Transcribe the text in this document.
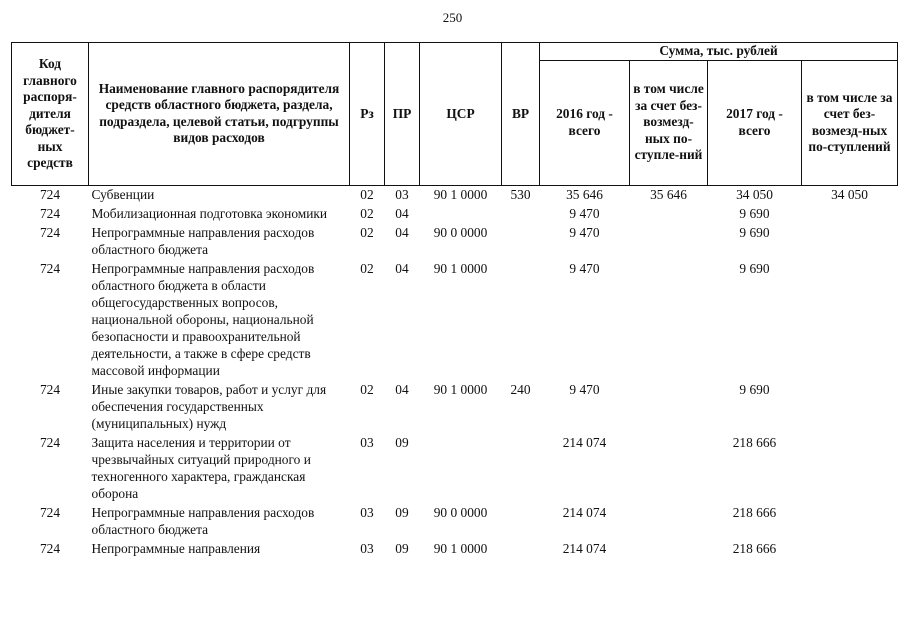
250
Код главного распоря-дителя бюджет-ных средств	Наименование главного распорядителя средств областного бюджета, раздела, подраздела, целевой статьи, подгруппы видов расходов	Рз	ПР	ЦСР	ВР	Сумма, тыс. рублей			
						2016 год - всего	в том числе за счет без-возмезд-ных по-ступле-ний	2017 год - всего	в том числе за счет без-возмезд-ных по-ступлений
724	Субвенции	02	03	90 1 0000	530	35 646	35 646	34 050	34 050
724	Мобилизационная подготовка экономики	02	04			9 470		9 690	
724	Непрограммные направления расходов областного бюджета	02	04	90 0 0000		9 470		9 690	
724	Непрограммные направления расходов областного бюджета в области общегосударственных вопросов, национальной обороны, национальной безопасности и правоохранительной деятельности, а также в сфере средств массовой информации	02	04	90 1 0000		9 470		9 690	
724	Иные закупки товаров, работ и услуг для обеспечения государственных (муниципальных) нужд	02	04	90 1 0000	240	9 470		9 690	
724	Защита населения и территории от чрезвычайных ситуаций природного и техногенного характера, гражданская оборона	03	09			214 074		218 666	
724	Непрограммные направления расходов областного бюджета	03	09	90 0 0000		214 074		218 666	
724	Непрограммные направления	03	09	90 1 0000		214 074		218 666	
